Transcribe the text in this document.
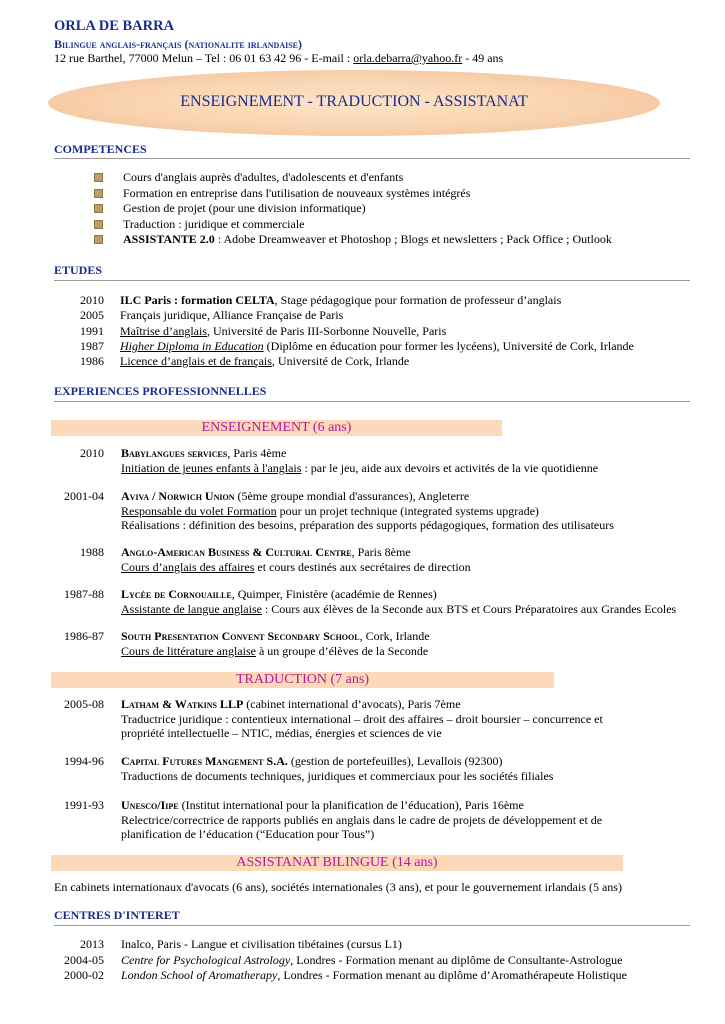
ORLA DE BARRA
Bilingue anglais-français (nationalite irlandaise)
12 rue Barthel, 77000 Melun – Tel : 06 01 63 42 96 - E-mail : orla.debarra@yahoo.fr - 49 ans
ENSEIGNEMENT - TRADUCTION - ASSISTANAT
COMPETENCES
Cours d'anglais auprès d'adultes, d'adolescents et d'enfants
Formation en entreprise dans l'utilisation de nouveaux systèmes intégrés
Gestion de projet (pour une division informatique)
Traduction : juridique et commerciale
ASSISTANTE 2.0 : Adobe Dreamweaver et Photoshop ; Blogs et newsletters ; Pack Office ; Outlook
ETUDES
2010 ILC Paris : formation CELTA, Stage pédagogique pour formation de professeur d’anglais
2005 Français juridique, Alliance Française de Paris
1991 Maîtrise d’anglais, Université de Paris III-Sorbonne Nouvelle, Paris
1987 Higher Diploma in Education (Diplôme en éducation pour former les lycéens), Université de Cork, Irlande
1986 Licence d’anglais et de français, Université de Cork, Irlande
EXPERIENCES PROFESSIONNELLES
ENSEIGNEMENT (6 ans)
2010 Babylangues services, Paris 4ème
Initiation de jeunes enfants à l'anglais : par le jeu, aide aux devoirs et activités de la vie quotidienne
2001-04 Aviva / Norwich Union (5ème groupe mondial d'assurances), Angleterre
Responsable du volet Formation pour un projet technique (integrated systems upgrade)
Réalisations : définition des besoins, préparation des supports pédagogiques, formation des utilisateurs
1988 Anglo-American Business & Cultural Centre, Paris 8ème
Cours d’anglais des affaires et cours destinés aux secrétaires de direction
1987-88 Lycée de Cornouaille, Quimper, Finistère (académie de Rennes)
Assistante de langue anglaise : Cours aux élèves de la Seconde aux BTS et Cours Préparatoires aux Grandes Ecoles
1986-87 South Presentation Convent Secondary School, Cork, Irlande
Cours de littérature anglaise à un groupe d’élèves de la Seconde
TRADUCTION (7 ans)
2005-08 Latham & Watkins LLP (cabinet international d’avocats), Paris 7ème
Traductrice juridique : contentieux international – droit des affaires – droit boursier – concurrence et
propriété intellectuelle – NTIC, médias, énergies et sciences de vie
1994-96 Capital Futures Mangement S.A. (gestion de portefeuilles), Levallois (92300)
Traductions de documents techniques, juridiques et commerciaux pour les sociétés filiales
1991-93 Unesco/Iipe (Institut international pour la planification de l’éducation), Paris 16ème
Relectrice/correctrice de rapports publiés en anglais dans le cadre de projets de développement et de
planification de l’éducation (“Education pour Tous”)
ASSISTANAT BILINGUE (14 ans)
En cabinets internationaux d'avocats (6 ans), sociétés internationales (3 ans), et pour le gouvernement irlandais (5 ans)
CENTRES D'INTERET
2013 Inalco, Paris - Langue et civilisation tibétaines (cursus L1)
2004-05 Centre for Psychological Astrology, Londres - Formation menant au diplôme de Consultante-Astrologue
2000-02 London School of Aromatherapy, Londres - Formation menant au diplôme d’Aromathérapeute Holistique
